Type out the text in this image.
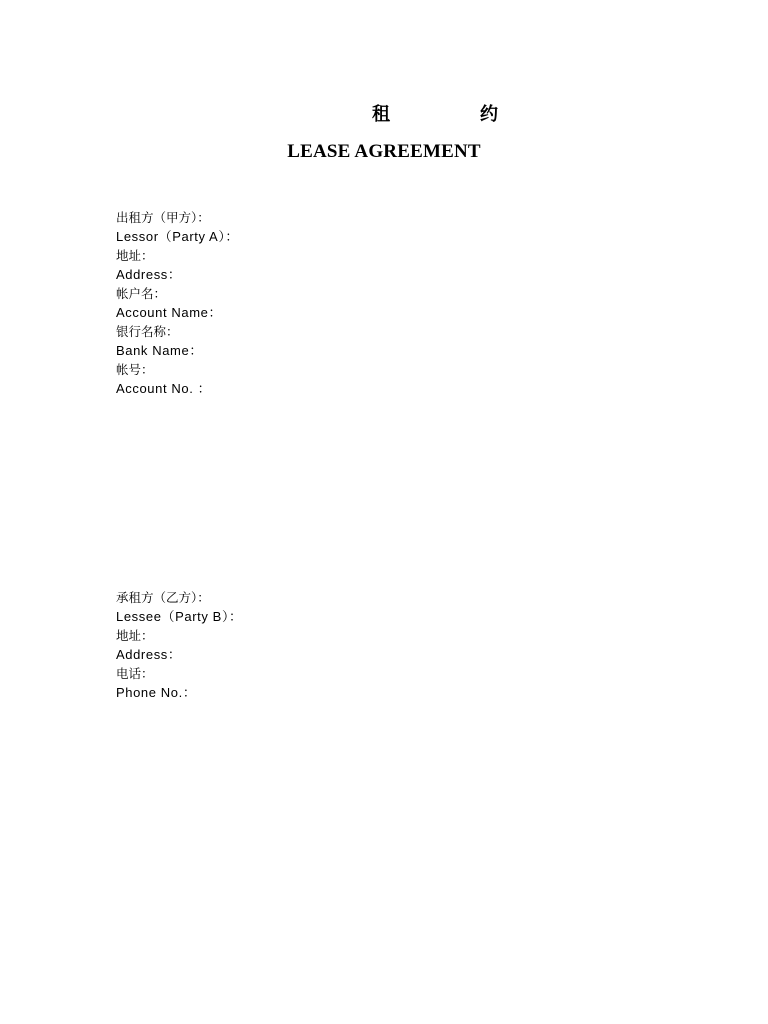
租	约
LEASE AGREEMENT
出租方（甲方）：
Lessor（Party A）：
地址：
Address：
帐户名：
Account Name：
银行名称：
Bank Name：
帐号：
Account No. ：
承租方（乙方）：
Lessee（Party B）：
地址：
Address：
电话：
Phone No.：
